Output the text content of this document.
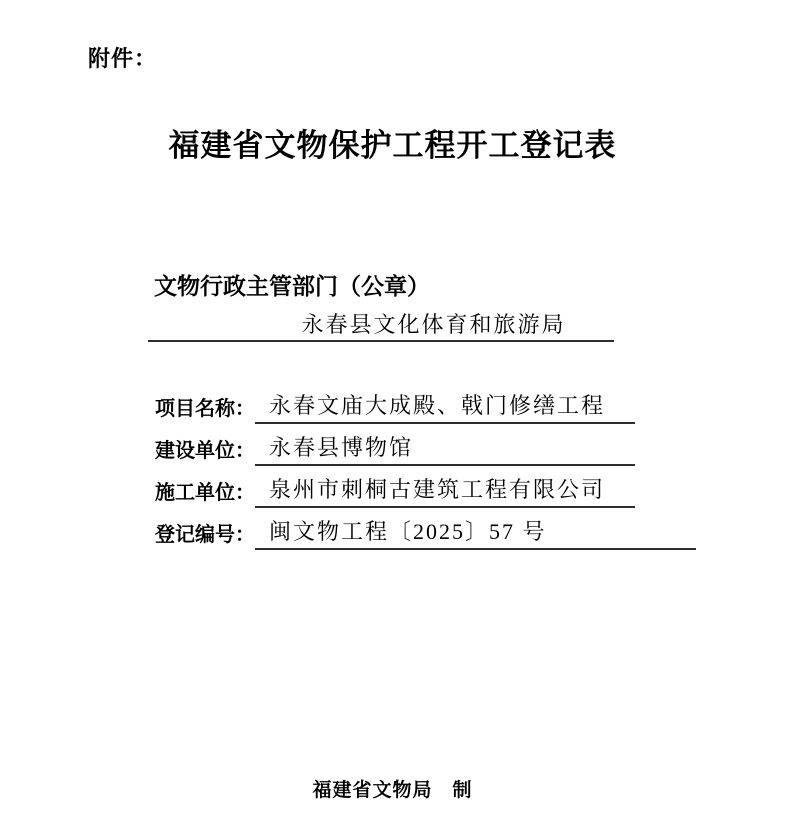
附件：
福建省文物保护工程开工登记表
文物行政主管部门（公章）
永春县文化体育和旅游局
项目名称： 永春文庙大成殿、戟门修缮工程
建设单位： 永春县博物馆
施工单位： 泉州市刺桐古建筑工程有限公司
登记编号： 闽文物工程〔2025〕57 号
福建省文物局　制
